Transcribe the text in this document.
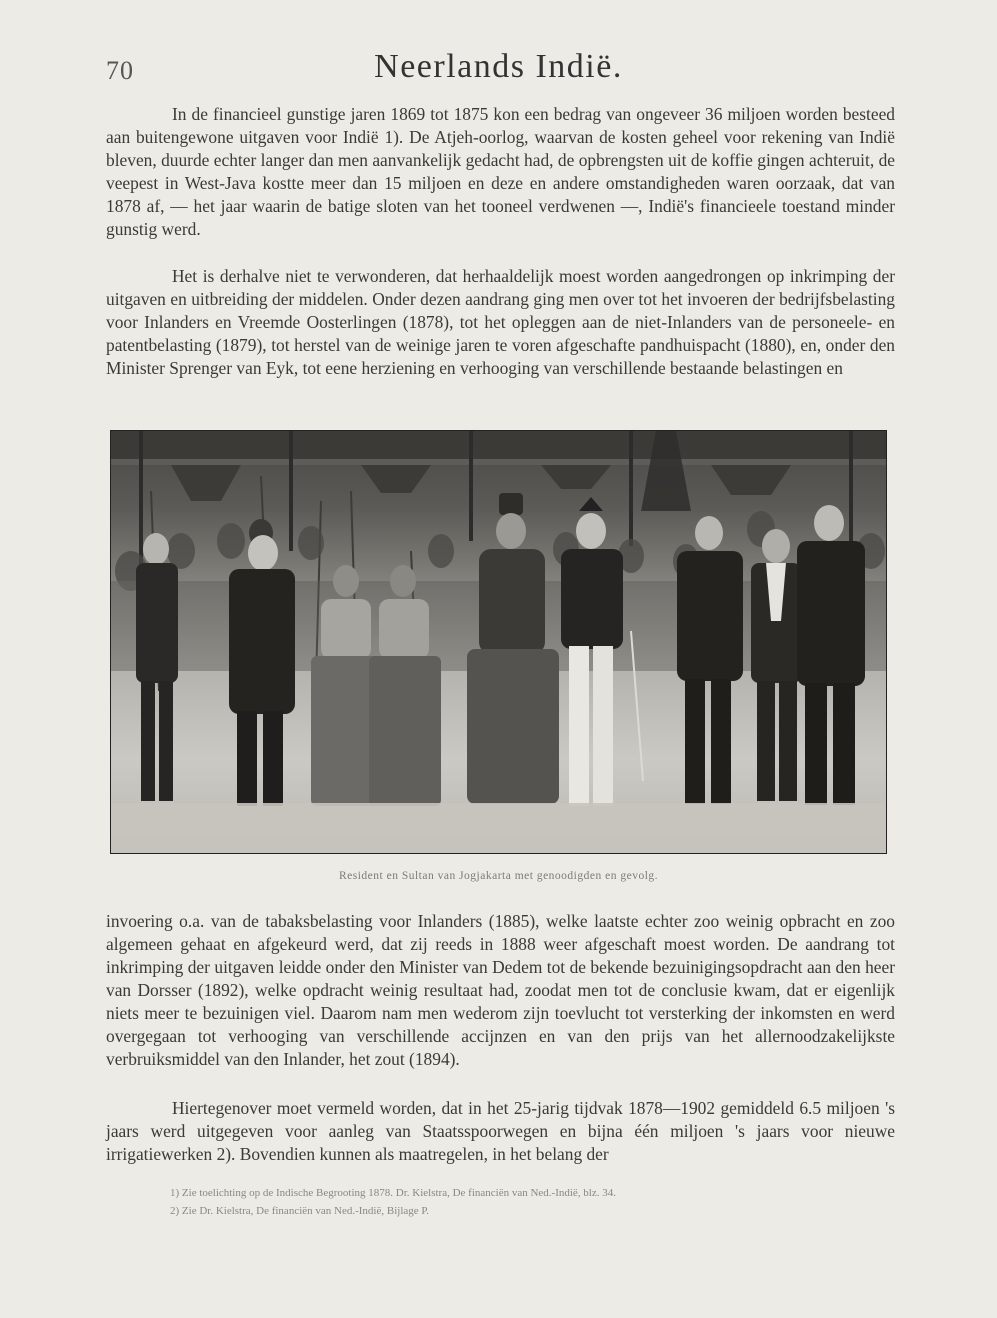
70	Neerlands Indië.

In de financieel gunstige jaren 1869 tot 1875 kon een bedrag van ongeveer 36 miljoen worden besteed aan buitengewone uitgaven voor Indië 1). De Atjeh-oorlog, waarvan de kosten geheel voor rekening van Indië bleven, duurde echter langer dan men aanvankelijk gedacht had, de opbrengsten uit de koffie gingen achteruit, de veepest in West-Java kostte meer dan 15 miljoen en deze en andere omstandigheden waren oorzaak, dat van 1878 af, — het jaar waarin de batige sloten van het tooneel verdwenen —, Indië's financieele toestand minder gunstig werd.

Het is derhalve niet te verwonderen, dat herhaaldelijk moest worden aangedrongen op inkrimping der uitgaven en uitbreiding der middelen. Onder dezen aandrang ging men over tot het invoeren der bedrijfsbelasting voor Inlanders en Vreemde Oosterlingen (1878), tot het opleggen aan de niet-Inlanders van de personeele- en patentbelasting (1879), tot herstel van de weinige jaren te voren afgeschafte pandhuispacht (1880), en, onder den Minister Sprenger van Eyk, tot eene herziening en verhooging van verschillende bestaande belastingen en

Resident en Sultan van Jogjakarta met genoodigden en gevolg.

invoering o.a. van de tabaksbelasting voor Inlanders (1885), welke laatste echter zoo weinig opbracht en zoo algemeen gehaat en afgekeurd werd, dat zij reeds in 1888 weer afgeschaft moest worden. De aandrang tot inkrimping der uitgaven leidde onder den Minister van Dedem tot de bekende bezuinigingsopdracht aan den heer van Dorsser (1892), welke opdracht weinig resultaat had, zoodat men tot de conclusie kwam, dat er eigenlijk niets meer te bezuinigen viel. Daarom nam men wederom zijn toevlucht tot versterking der inkomsten en werd overgegaan tot verhooging van verschillende accijnzen en van den prijs van het allernoodzakelijkste verbruiksmiddel van den Inlander, het zout (1894).

Hiertegenover moet vermeld worden, dat in het 25-jarig tijdvak 1878—1902 gemiddeld 6.5 miljoen 's jaars werd uitgegeven voor aanleg van Staatsspoorwegen en bijna één miljoen 's jaars voor nieuwe irrigatiewerken 2). Bovendien kunnen als maatregelen, in het belang der

1) Zie toelichting op de Indische Begrooting 1878. Dr. Kielstra, De financiën van Ned.-Indië, blz. 34.
2) Zie Dr. Kielstra, De financiën van Ned.-Indië, Bijlage P.
